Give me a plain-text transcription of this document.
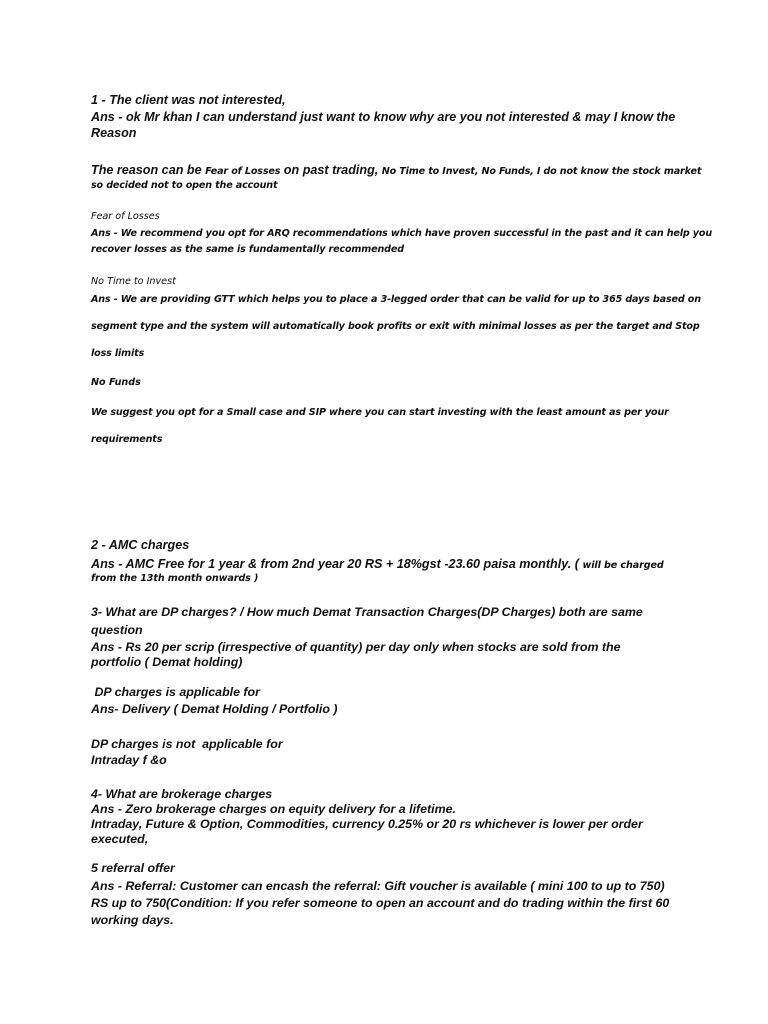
1 - The client was not interested,

Ans - ok Mr khan I can understand just want to know why are you not interested & may I know the

Reason

The reason can be Fear of Losses on past trading, No Time to Invest, No Funds, I do not know the stock market

so decided not to open the account

Fear of Losses

Ans - We recommend you opt for ARQ recommendations which have proven successful in the past and it can help you

recover losses as the same is fundamentally recommended

No Time to Invest

Ans - We are providing GTT which helps you to place a 3-legged order that can be valid for up to 365 days based on

segment type and the system will automatically book profits or exit with minimal losses as per the target and Stop

loss limits

No Funds

We suggest you opt for a Small case and SIP where you can start investing with the least amount as per your

requirements

2 - AMC charges

Ans - AMC Free for 1 year & from 2nd year 20 RS + 18%gst -23.60 paisa monthly. ( will be charged

from the 13th month onwards )

3- What are DP charges? / How much Demat Transaction Charges(DP Charges) both are same

question

Ans - Rs 20 per scrip (irrespective of quantity) per day only when stocks are sold from the

portfolio ( Demat holding)

DP charges is applicable for

Ans- Delivery ( Demat Holding / Portfolio )

DP charges is not  applicable for

Intraday f &o

4- What are brokerage charges

Ans - Zero brokerage charges on equity delivery for a lifetime.

Intraday, Future & Option, Commodities, currency 0.25% or 20 rs whichever is lower per order

executed,

5 referral offer

Ans - Referral: Customer can encash the referral: Gift voucher is available ( mini 100 to up to 750)

RS up to 750(Condition: If you refer someone to open an account and do trading within the first 60

working days.
